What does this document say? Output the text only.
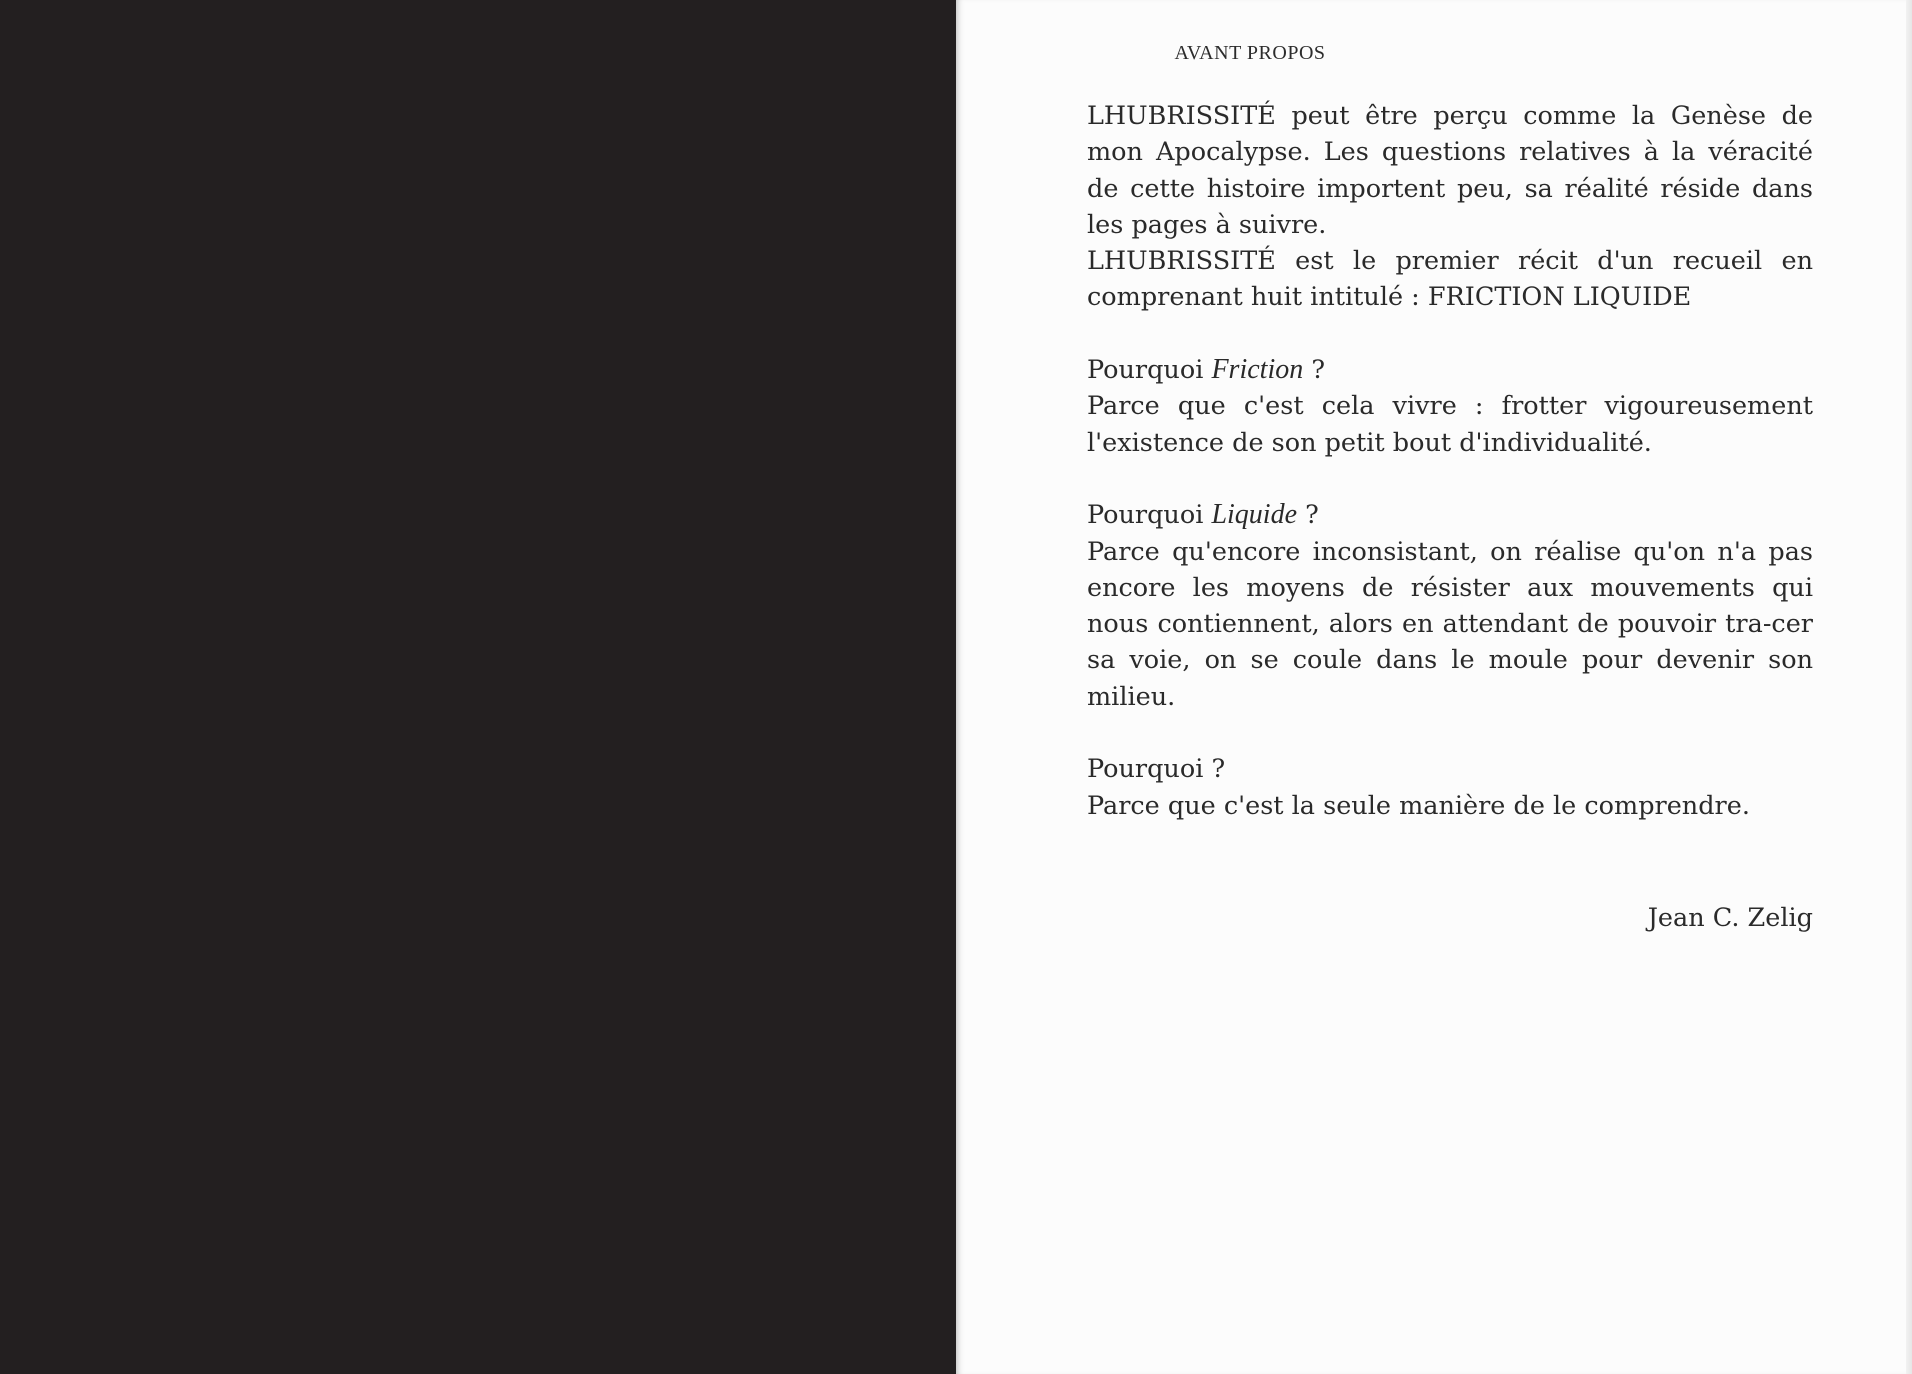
AVANT PROPOS

LHUBRISSITÉ peut être perçu comme la Genèse de mon Apocalypse. Les questions relatives à la véracité de cette histoire importent peu, sa réalité réside dans les pages à suivre.

LHUBRISSITÉ est le premier récit d'un recueil en comprenant huit intitulé : FRICTION LIQUIDE

Pourquoi Friction ?

Parce que c'est cela vivre : frotter vigoureusement l'existence de son petit bout d'individualité.

Pourquoi Liquide ?

Parce qu'encore inconsistant, on réalise qu'on n'a pas encore les moyens de résister aux mouvements qui nous contiennent, alors en attendant de pouvoir tra-cer sa voie, on se coule dans le moule pour devenir son milieu.

Pourquoi ?

Parce que c'est la seule manière de le comprendre.

Jean C. Zelig
